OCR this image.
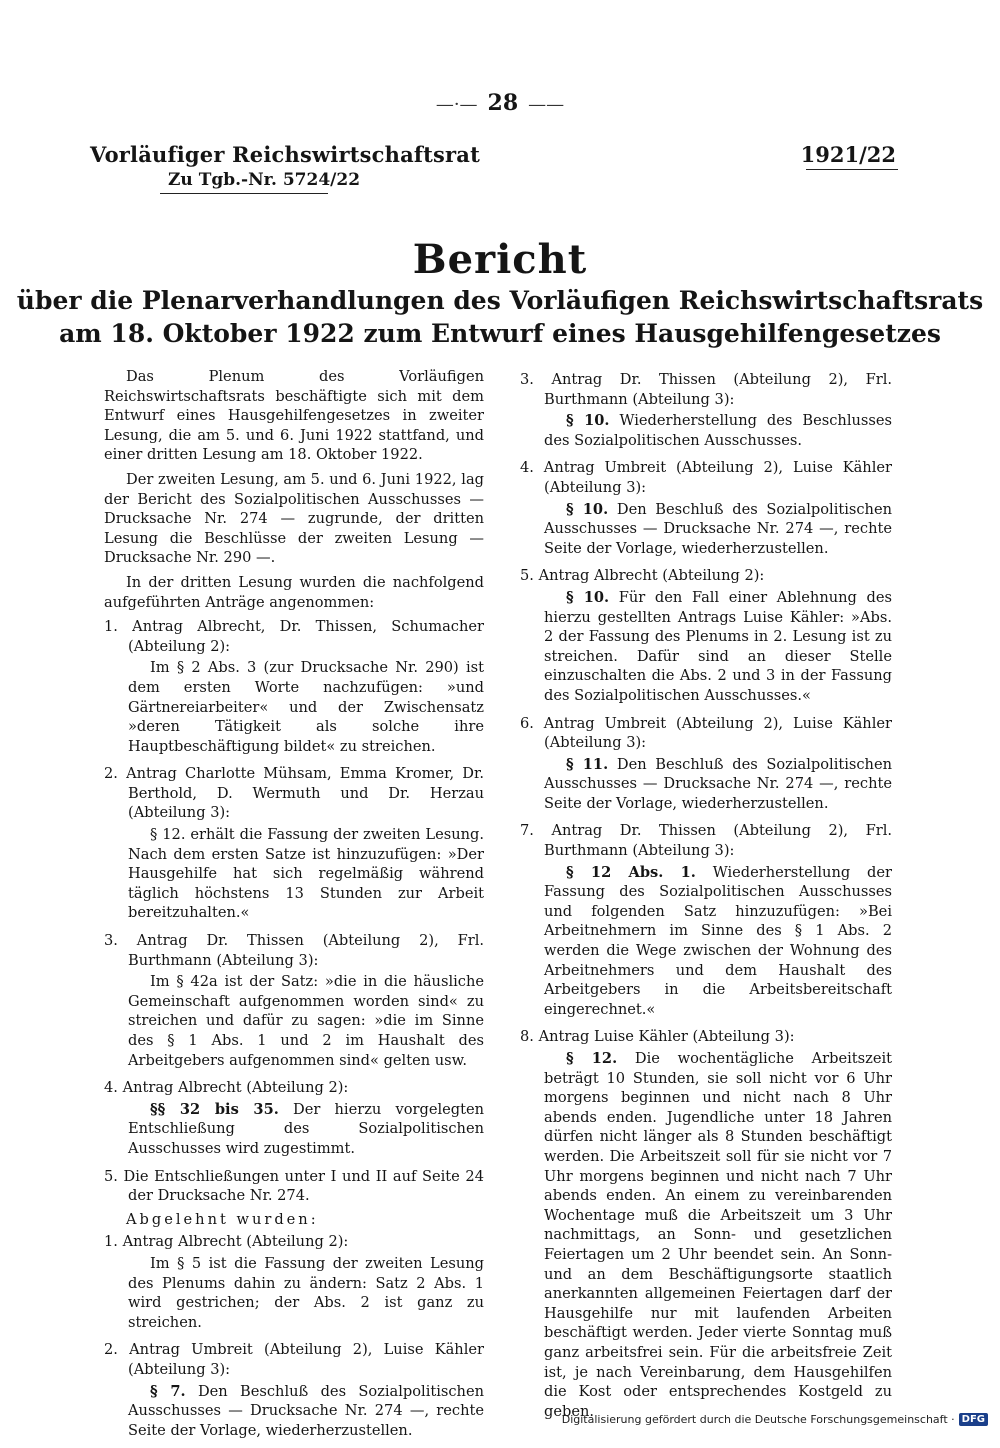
—·— 28 ——
Vorläufiger Reichswirtschaftsrat
Zu Tgb.-Nr. 5724/22
1921/22
Bericht
über die Plenarverhandlungen des Vorläufigen Reichswirtschaftsrats
am 18. Oktober 1922 zum Entwurf eines Hausgehilfengesetzes

Das Plenum des Vorläufigen Reichswirtschaftsrats beschäftigte sich mit dem Entwurf eines Hausgehilfengesetzes in zweiter Lesung, die am 5. und 6. Juni 1922 stattfand, und einer dritten Lesung am 18. Oktober 1922.

Der zweiten Lesung, am 5. und 6. Juni 1922, lag der Bericht des Sozialpolitischen Ausschusses — Drucksache Nr. 274 — zugrunde, der dritten Lesung die Beschlüsse der zweiten Lesung — Drucksache Nr. 290 —.

In der dritten Lesung wurden die nachfolgend aufgeführten Anträge angenommen:

1. Antrag Albrecht, Dr. Thissen, Schumacher (Abteilung 2):
Im § 2 Abs. 3 (zur Drucksache Nr. 290) ist dem ersten Worte nachzufügen: »und Gärtnereiarbeiter« und der Zwischensatz »deren Tätigkeit als solche ihre Hauptbeschäftigung bildet« zu streichen.
2. Antrag Charlotte Mühsam, Emma Kromer, Dr. Berthold, D. Wermuth und Dr. Herzau (Abteilung 3):
§ 12. erhält die Fassung der zweiten Lesung. Nach dem ersten Satze ist hinzuzufügen: »Der Hausgehilfe hat sich regelmäßig während täglich höchstens 13 Stunden zur Arbeit bereitzuhalten.«
3. Antrag Dr. Thissen (Abteilung 2), Frl. Burthmann (Abteilung 3):
Im § 42a ist der Satz: »die in die häusliche Gemeinschaft aufgenommen worden sind« zu streichen und dafür zu sagen: »die im Sinne des § 1 Abs. 1 und 2 im Haushalt des Arbeitgebers aufgenommen sind« gelten usw.
4. Antrag Albrecht (Abteilung 2):
§§ 32 bis 35. Der hierzu vorgelegten Entschließung des Sozialpolitischen Ausschusses wird zugestimmt.
5. Die Entschließungen unter I und II auf Seite 24 der Drucksache Nr. 274.
Abgelehnt wurden:
1. Antrag Albrecht (Abteilung 2):
Im § 5 ist die Fassung der zweiten Lesung des Plenums dahin zu ändern: Satz 2 Abs. 1 wird gestrichen; der Abs. 2 ist ganz zu streichen.
2. Antrag Umbreit (Abteilung 2), Luise Kähler (Abteilung 3):
§ 7. Den Beschluß des Sozialpolitischen Ausschusses — Drucksache Nr. 274 —, rechte Seite der Vorlage, wiederherzustellen.
3. Antrag Dr. Thissen (Abteilung 2), Frl. Burthmann (Abteilung 3):
§ 10. Wiederherstellung des Beschlusses des Sozialpolitischen Ausschusses.
4. Antrag Umbreit (Abteilung 2), Luise Kähler (Abteilung 3):
§ 10. Den Beschluß des Sozialpolitischen Ausschusses — Drucksache Nr. 274 —, rechte Seite der Vorlage, wiederherzustellen.
5. Antrag Albrecht (Abteilung 2):
§ 10. Für den Fall einer Ablehnung des hierzu gestellten Antrags Luise Kähler: »Abs. 2 der Fassung des Plenums in 2. Lesung ist zu streichen. Dafür sind an dieser Stelle einzuschalten die Abs. 2 und 3 in der Fassung des Sozialpolitischen Ausschusses.«
6. Antrag Umbreit (Abteilung 2), Luise Kähler (Abteilung 3):
§ 11. Den Beschluß des Sozialpolitischen Ausschusses — Drucksache Nr. 274 —, rechte Seite der Vorlage, wiederherzustellen.
7. Antrag Dr. Thissen (Abteilung 2), Frl. Burthmann (Abteilung 3):
§ 12 Abs. 1. Wiederherstellung der Fassung des Sozialpolitischen Ausschusses und folgenden Satz hinzuzufügen: »Bei Arbeitnehmern im Sinne des § 1 Abs. 2 werden die Wege zwischen der Wohnung des Arbeitnehmers und dem Haushalt des Arbeitgebers in die Arbeitsbereitschaft eingerechnet.«
8. Antrag Luise Kähler (Abteilung 3):
§ 12. Die wochentägliche Arbeitszeit beträgt 10 Stunden, sie soll nicht vor 6 Uhr morgens beginnen und nicht nach 8 Uhr abends enden. Jugendliche unter 18 Jahren dürfen nicht länger als 8 Stunden beschäftigt werden. Die Arbeitszeit soll für sie nicht vor 7 Uhr morgens beginnen und nicht nach 7 Uhr abends enden. An einem zu vereinbarenden Wochentage muß die Arbeitszeit um 3 Uhr nachmittags, an Sonn- und gesetzlichen Feiertagen um 2 Uhr beendet sein. An Sonn- und an dem Beschäftigungsorte staatlich anerkannten allgemeinen Feiertagen darf der Hausgehilfe nur mit laufenden Arbeiten beschäftigt werden. Jeder vierte Sonntag muß ganz arbeitsfrei sein. Für die arbeitsfreie Zeit ist, je nach Vereinbarung, dem Hausgehilfen die Kost oder entsprechendes Kostgeld zu geben.
Digitalisierung gefördert durch die Deutsche Forschungsgemeinschaft · DFG
